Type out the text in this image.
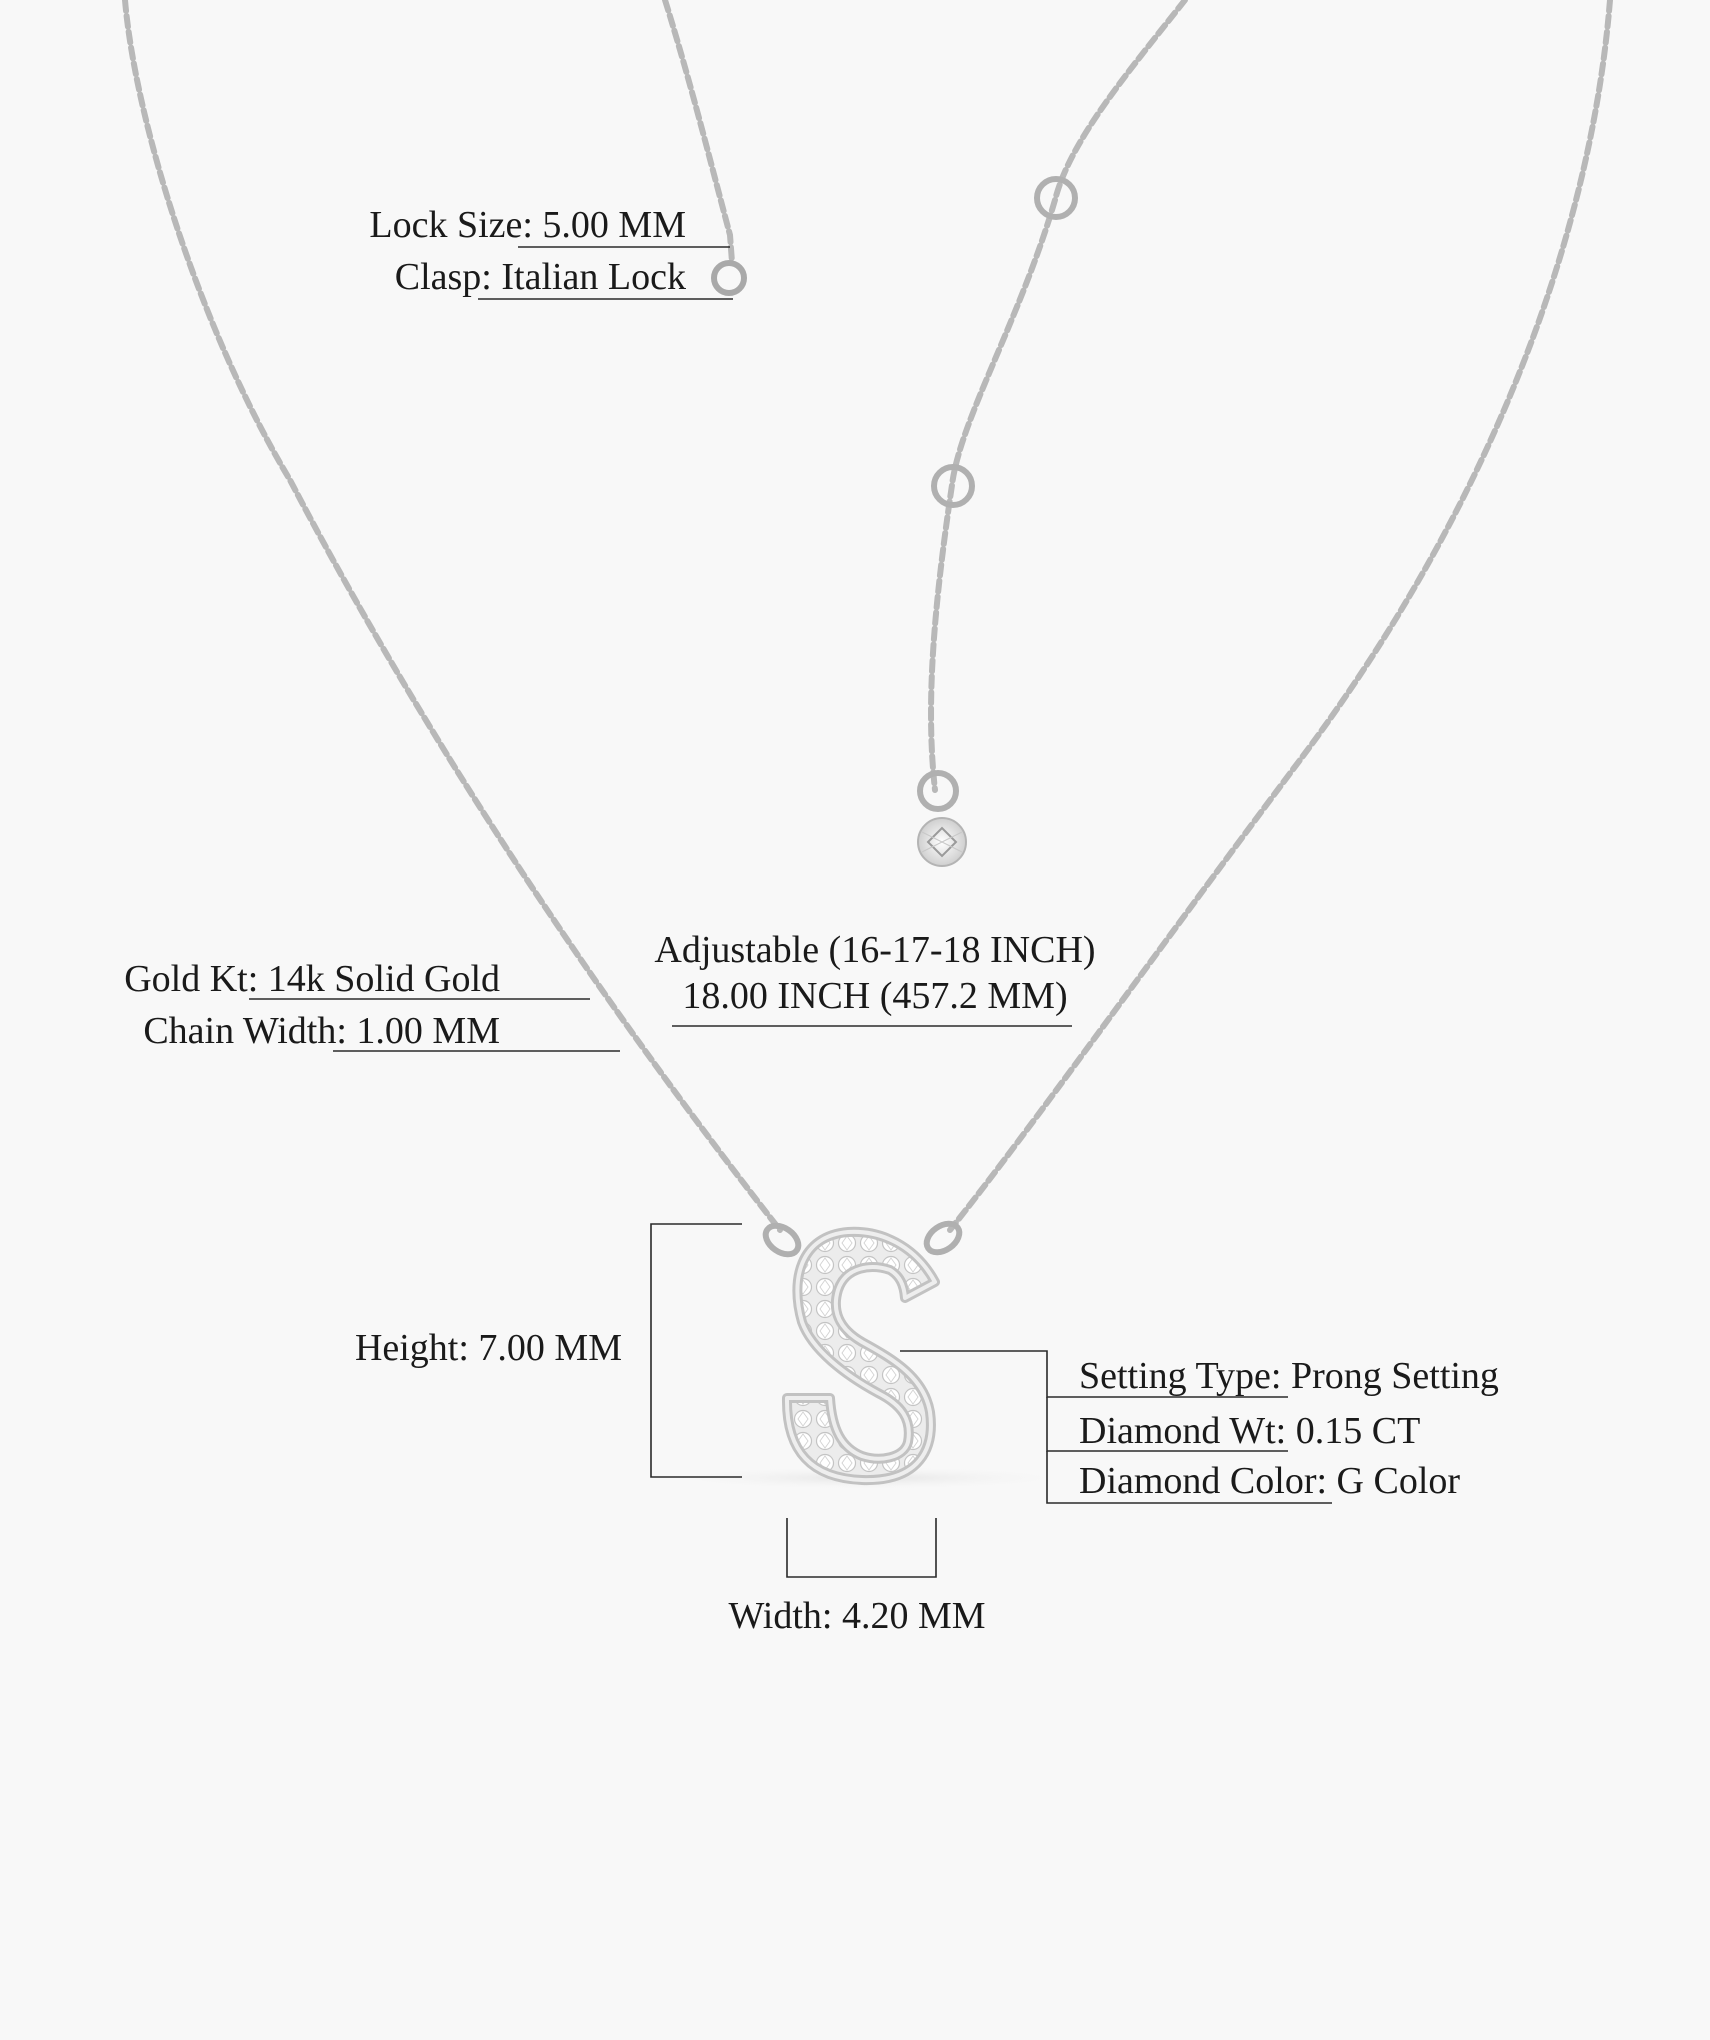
Lock Size: 5.00 MM
Clasp: Italian Lock
Gold Kt: 14k Solid Gold
Chain Width: 1.00 MM
Adjustable (16-17-18 INCH)
18.00 INCH (457.2 MM)
Height: 7.00 MM
Width: 4.20 MM
Setting Type: Prong Setting
Diamond Wt: 0.15 CT
Diamond Color: G Color
